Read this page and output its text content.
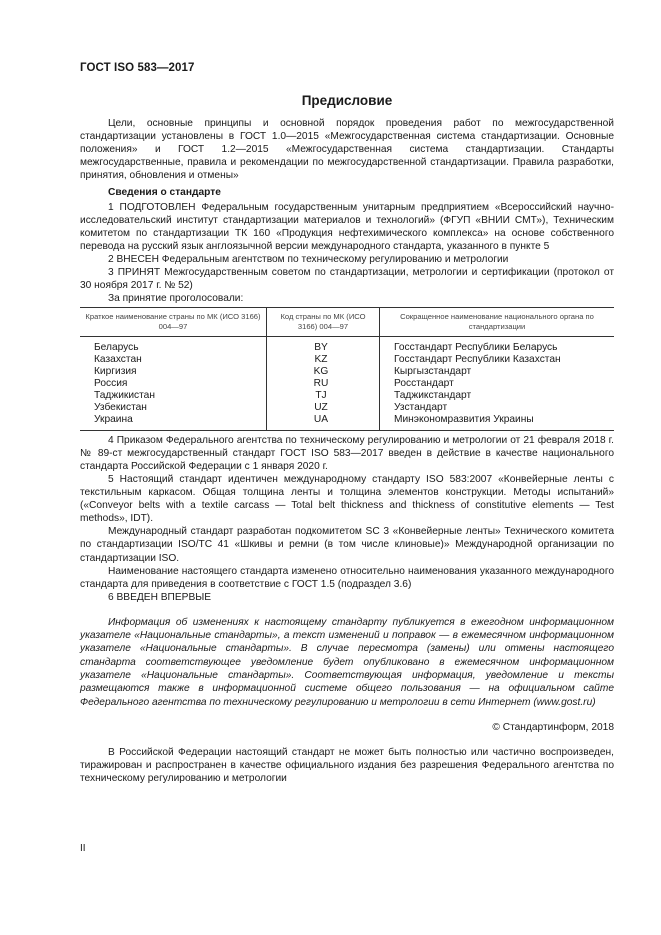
ГОСТ ISO 583—2017
Предисловие

Цели, основные принципы и основной порядок проведения работ по межгосударственной стандартизации установлены в ГОСТ 1.0—2015 «Межгосударственная система стандартизации. Основные положения» и ГОСТ 1.2—2015 «Межгосударственная система стандартизации. Стандарты межгосударственные, правила и рекомендации по межгосударственной стандартизации. Правила разработки, принятия, обновления и отмены»

Сведения о стандарте

1 ПОДГОТОВЛЕН Федеральным государственным унитарным предприятием «Всероссийский научно-исследовательский институт стандартизации материалов и технологий» (ФГУП «ВНИИ СМТ»), Техническим комитетом по стандартизации ТК 160 «Продукция нефтехимического комплекса» на основе собственного перевода на русский язык англоязычной версии международного стандарта, указанного в пункте 5

2 ВНЕСЕН Федеральным агентством по техническому регулированию и метрологии

3 ПРИНЯТ Межгосударственным советом по стандартизации, метрологии и сертификации (протокол от 30 ноября 2017 г. № 52)

За принятие проголосовали:

Краткое наименование страны по МК (ИСО 3166) 004—97	Код страны по МК (ИСО 3166) 004—97	Сокращенное наименование национального органа по стандартизации
Беларусь	BY	Госстандарт Республики Беларусь
Казахстан	KZ	Госстандарт Республики Казахстан
Киргизия	KG	Кыргызстандарт
Россия	RU	Росстандарт
Таджикистан	TJ	Таджикстандарт
Узбекистан	UZ	Узстандарт
Украина	UA	Минэкономразвития Украины

4 Приказом Федерального агентства по техническому регулированию и метрологии от 21 февраля 2018 г. № 89-ст межгосударственный стандарт ГОСТ ISO 583—2017 введен в действие в качестве национального стандарта Российской Федерации с 1 января 2020 г.

5 Настоящий стандарт идентичен международному стандарту ISO 583:2007 «Конвейерные ленты с текстильным каркасом. Общая толщина ленты и толщина элементов конструкции. Методы испытаний» («Conveyor belts with a textile carcass — Total belt thickness and thickness of constitutive elements — Test methods», IDT).

Международный стандарт разработан подкомитетом SC 3 «Конвейерные ленты» Технического комитета по стандартизации ISO/TC 41 «Шкивы и ремни (в том числе клиновые)» Международной организации по стандартизации ISO.

Наименование настоящего стандарта изменено относительно наименования указанного международного стандарта для приведения в соответствие с ГОСТ 1.5 (подраздел 3.6)

6 ВВЕДЕН ВПЕРВЫЕ

Информация об изменениях к настоящему стандарту публикуется в ежегодном информационном указателе «Национальные стандарты», а текст изменений и поправок — в ежемесячном информационном указателе «Национальные стандарты». В случае пересмотра (замены) или отмены настоящего стандарта соответствующее уведомление будет опубликовано в ежемесячном информационном указателе «Национальные стандарты». Соответствующая информация, уведомление и тексты размещаются также в информационной системе общего пользования — на официальном сайте Федерального агентства по техническому регулированию и метрологии в сети Интернет (www.gost.ru)

© Стандартинформ, 2018

В Российской Федерации настоящий стандарт не может быть полностью или частично воспроизведен, тиражирован и распространен в качестве официального издания без разрешения Федерального агентства по техническому регулированию и метрологии

II
